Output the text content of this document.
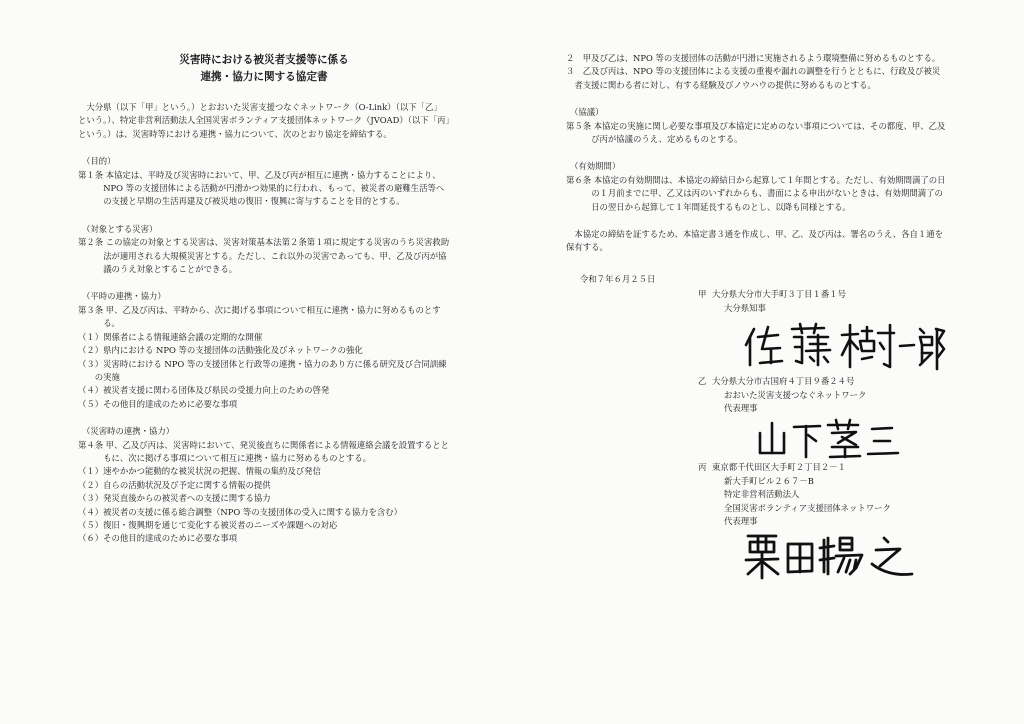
災害時における被災者支援等に係る
連携・協力に関する協定書

大分県（以下「甲」という。）とおおいた災害支援つなぐネットワーク（O-Link）（以下「乙」という。）、特定非営利活動法人全国災害ボランティア支援団体ネットワーク（JVOAD）（以下「丙」という。）は、災害時等における連携・協力について、次のとおり協定を締結する。

（目的）

第１条 本協定は、平時及び災害時において、甲、乙及び丙が相互に連携・協力することにより、NPO 等の支援団体による活動が円滑かつ効果的に行われ、もって、被災者の避難生活等への支援と早期の生活再建及び被災地の復旧・復興に寄与することを目的とする。

（対象とする災害）

第２条 この協定の対象とする災害は、災害対策基本法第２条第１項に規定する災害のうち災害救助法が適用される大規模災害とする。ただし、これ以外の災害であっても、甲、乙及び丙が協議のうえ対象とすることができる。

（平時の連携・協力）

第３条 甲、乙及び丙は、平時から、次に掲げる事項について相互に連携・協力に努めるものとする。

（１）関係者による情報連絡会議の定期的な開催

（２）県内における NPO 等の支援団体の活動強化及びネットワークの強化

（３）災害時における NPO 等の支援団体と行政等の連携・協力のあり方に係る研究及び合同訓練の実施

（４）被災者支援に関わる団体及び県民の受援力向上のための啓発

（５）その他目的達成のために必要な事項

（災害時の連携・協力）

第４条 甲、乙及び丙は、災害時において、発災後直ちに関係者による情報連絡会議を設置するとともに、次に掲げる事項について相互に連携・協力に努めるものとする。

（１）速やかかつ能動的な被災状況の把握、情報の集約及び発信

（２）自らの活動状況及び予定に関する情報の提供

（３）発災直後からの被災者への支援に関する協力

（４）被災者の支援に係る総合調整（NPO 等の支援団体の受入に関する協力を含む）

（５）復旧・復興期を通じて変化する被災者のニーズや課題への対応

（６）その他目的達成のために必要な事項

２　甲及び乙は、NPO 等の支援団体の活動が円滑に実施されるよう環境整備に努めるものとする。

３　乙及び丙は、NPO 等の支援団体による支援の重複や漏れの調整を行うとともに、行政及び被災者支援に関わる者に対し、有する経験及びノウハウの提供に努めるものとする。

（協議）

第５条 本協定の実施に関し必要な事項及び本協定に定めのない事項については、その都度、甲、乙及び丙が協議のうえ、定めるものとする。

（有効期間）

第６条 本協定の有効期間は、本協定の締結日から起算して１年間とする。ただし、有効期間満了の日の１月前までに甲、乙又は丙のいずれからも、書面による申出がないときは、有効期間満了の日の翌日から起算して１年間延長するものとし、以降も同様とする。

本協定の締結を証するため、本協定書３通を作成し、甲、乙、及び丙は、署名のうえ、各自１通を保有する。

令和７年６月２５日

甲 大分県大分市大手町３丁目１番１号
大分県知事
乙 大分県大分市古国府４丁目９番２４号
おおいた災害支援つなぐネットワーク
代表理事
丙 東京都千代田区大手町２丁目２－１
新大手町ビル２６７－B
特定非営利活動法人
全国災害ボランティア支援団体ネットワーク
代表理事
